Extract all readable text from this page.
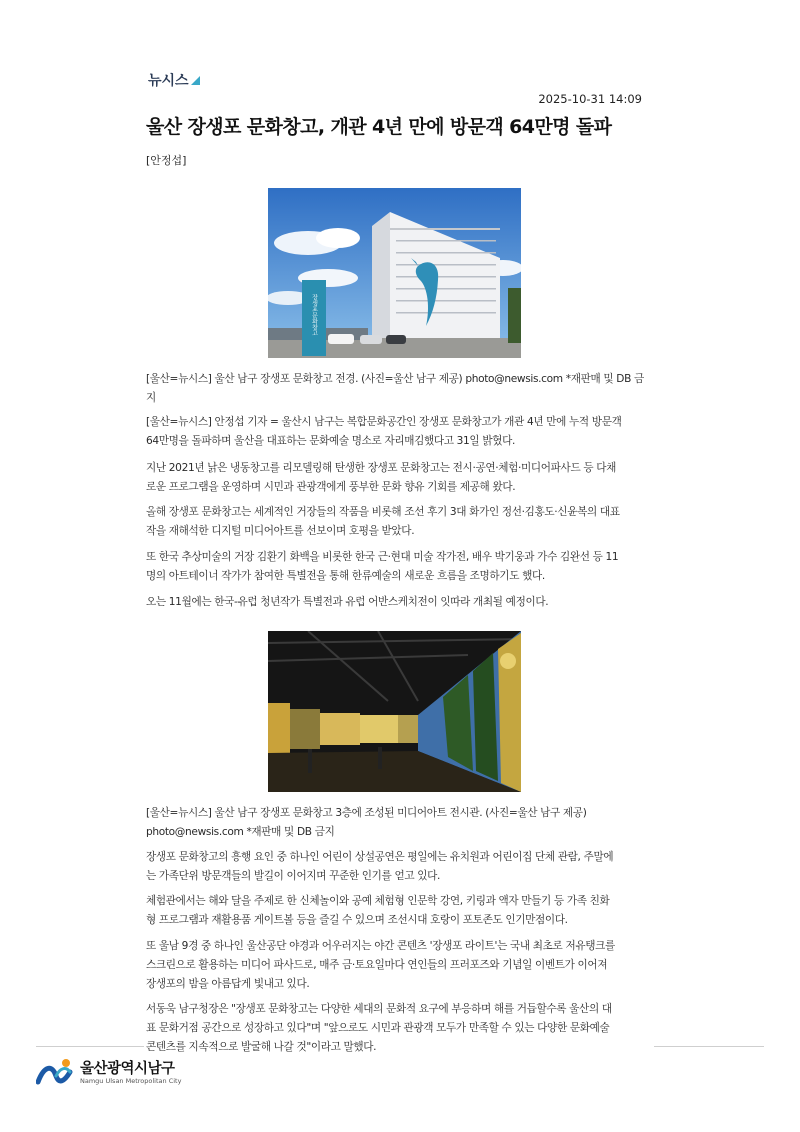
뉴시스
2025-10-31 14:09
울산 장생포 문화창고, 개관 4년 만에 방문객 64만명 돌파
[안정섭]
장생포문화창고
[울산=뉴시스] 울산 남구 장생포 문화창고 전경. (사진=울산 남구 제공) photo@newsis.com *재판매 및 DB 금
지
[울산=뉴시스] 안정섭 기자 = 울산시 남구는 복합문화공간인 장생포 문화창고가 개관 4년 만에 누적 방문객
64만명을 돌파하며 울산을 대표하는 문화예술 명소로 자리매김했다고 31일 밝혔다.
지난 2021년 낡은 냉동창고를 리모델링해 탄생한 장생포 문화창고는 전시·공연·체험·미디어파사드 등 다채
로운 프로그램을 운영하며 시민과 관광객에게 풍부한 문화 향유 기회를 제공해 왔다.
올해 장생포 문화창고는 세계적인 거장들의 작품을 비롯해 조선 후기 3대 화가인 정선·김홍도·신윤복의 대표
작을 재해석한 디지털 미디어아트를 선보이며 호평을 받았다.
또 한국 추상미술의 거장 김환기 화백을 비롯한 한국 근·현대 미술 작가전, 배우 박기웅과 가수 김완선 등 11
명의 아트테이너 작가가 참여한 특별전을 통해 한류예술의 새로운 흐름을 조명하기도 했다.
오는 11월에는 한국-유럽 청년작가 특별전과 유럽 어반스케치전이 잇따라 개최될 예정이다.
[울산=뉴시스] 울산 남구 장생포 문화창고 3층에 조성된 미디어아트 전시관. (사진=울산 남구 제공)
photo@newsis.com *재판매 및 DB 금지
장생포 문화창고의 흥행 요인 중 하나인 어린이 상설공연은 평일에는 유치원과 어린이집 단체 관람, 주말에
는 가족단위 방문객들의 발길이 이어지며 꾸준한 인기를 얻고 있다.
체험관에서는 해와 달을 주제로 한 신체놀이와 공예 체험형 인문학 강연, 키링과 액자 만들기 등 가족 친화
형 프로그램과 재활용품 게이트볼 등을 즐길 수 있으며 조선시대 호랑이 포토존도 인기만점이다.
또 울남 9경 중 하나인 울산공단 야경과 어우러지는 야간 콘텐츠 '장생포 라이트'는 국내 최초로 저유탱크를
스크린으로 활용하는 미디어 파사드로, 매주 금·토요일마다 연인들의 프러포즈와 기념일 이벤트가 이어져
장생포의 밤을 아름답게 빛내고 있다.
서동욱 남구청장은 "장생포 문화창고는 다양한 세대의 문화적 요구에 부응하며 해를 거듭할수록 울산의 대
표 문화거점 공간으로 성장하고 있다"며 "앞으로도 시민과 관광객 모두가 만족할 수 있는 다양한 문화예술
콘텐츠를 지속적으로 발굴해 나갈 것"이라고 말했다.
울산광역시남구
Namgu Ulsan Metropolitan City
